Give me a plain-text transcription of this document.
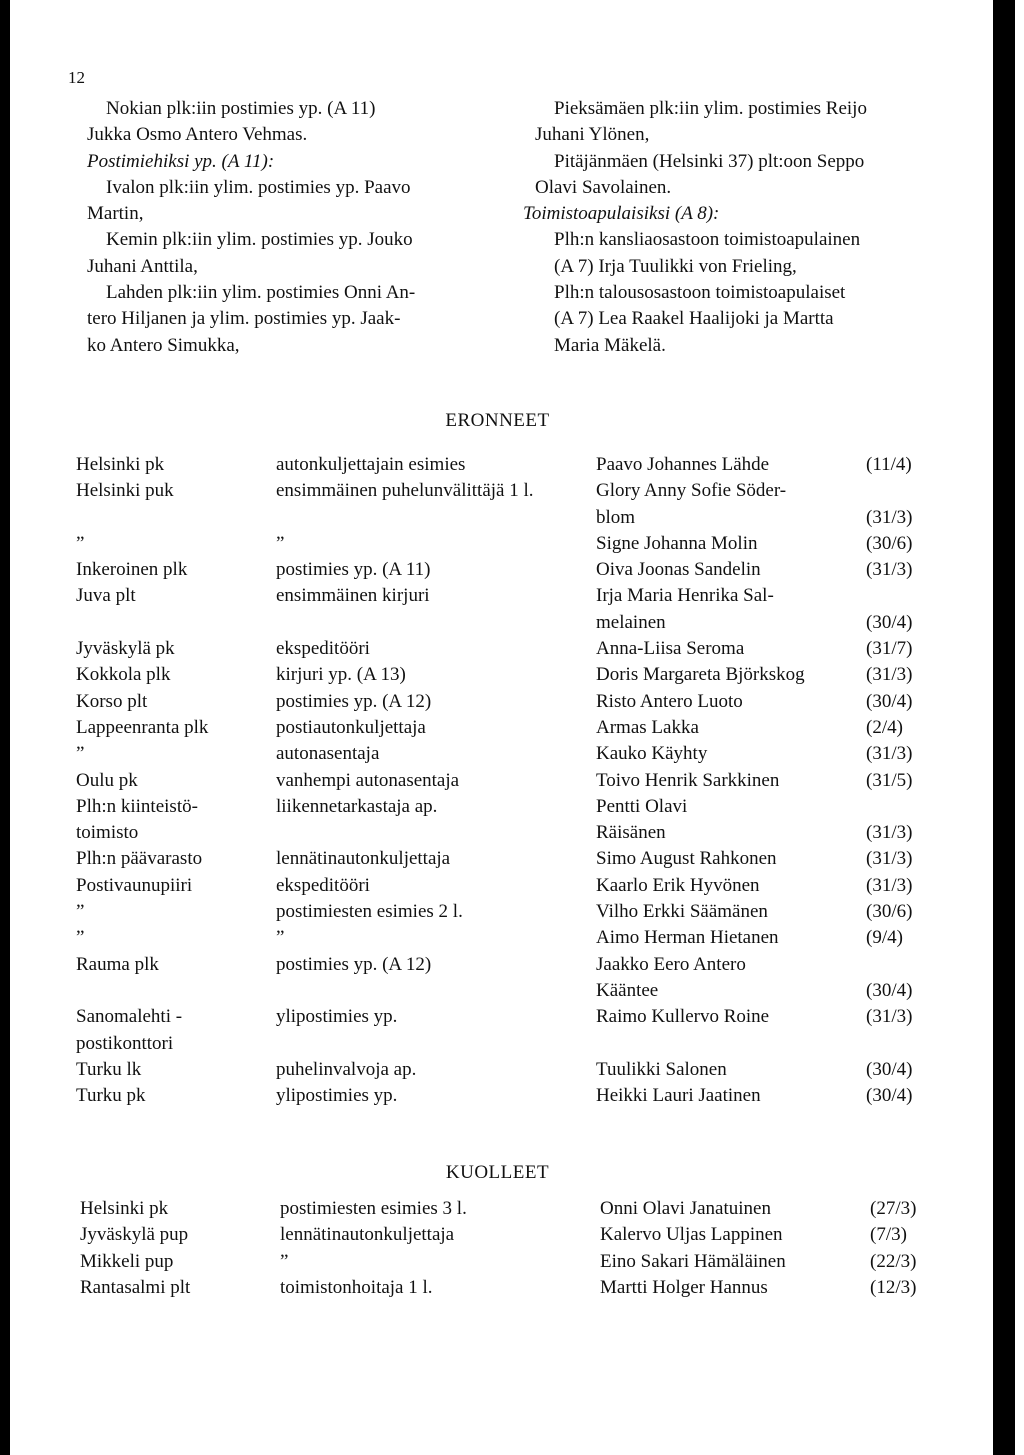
12
Nokian plk:iin postimies yp. (A 11)
Jukka Osmo Antero Vehmas.
Postimiehiksi yp. (A 11):
Ivalon plk:iin ylim. postimies yp. Paavo
Martin,
Kemin plk:iin ylim. postimies yp. Jouko
Juhani Anttila,
Lahden plk:iin ylim. postimies Onni An-
tero Hiljanen ja ylim. postimies yp. Jaak-
ko Antero Simukka,
Pieksämäen plk:iin ylim. postimies Reijo
Juhani Ylönen,
Pitäjänmäen (Helsinki 37) plt:oon Seppo
Olavi Savolainen.
Toimistoapulaisiksi (A 8):
Plh:n kansliaosastoon toimistoapulainen
(A 7) Irja Tuulikki von Frieling,
Plh:n talousosastoon toimistoapulaiset
(A 7) Lea Raakel Haalijoki ja Martta
Maria Mäkelä.
ERONNEET
Helsinki pk	autonkuljettajain esimies	Paavo Johannes Lähde	(11/4)
Helsinki puk	ensimmäinen puhelunvälittäjä 1 l.	Glory Anny Sofie Söder-	
		blom	(31/3)
”	”	Signe Johanna Molin	(30/6)
Inkeroinen plk	postimies yp. (A 11)	Oiva Joonas Sandelin	(31/3)
Juva plt	ensimmäinen kirjuri	Irja Maria Henrika Sal-	
		melainen	(30/4)
Jyväskylä pk	ekspeditööri	Anna-Liisa Seroma	(31/7)
Kokkola plk	kirjuri yp. (A 13)	Doris Margareta Björkskog	(31/3)
Korso plt	postimies yp. (A 12)	Risto Antero Luoto	(30/4)
Lappeenranta plk	postiautonkuljettaja	Armas Lakka	(2/4)
”	autonasentaja	Kauko Käyhty	(31/3)
Oulu pk	vanhempi autonasentaja	Toivo Henrik Sarkkinen	(31/5)
Plh:n kiinteistö-	liikennetarkastaja ap.	Pentti Olavi	
toimisto		Räisänen	(31/3)
Plh:n päävarasto	lennätinautonkuljettaja	Simo August Rahkonen	(31/3)
Postivaunupiiri	ekspeditööri	Kaarlo Erik Hyvönen	(31/3)
”	postimiesten esimies 2 l.	Vilho Erkki Säämänen	(30/6)
”	”	Aimo Herman Hietanen	(9/4)
Rauma plk	postimies yp. (A 12)	Jaakko Eero Antero	
		Kääntee	(30/4)
Sanomalehti -	ylipostimies yp.	Raimo Kullervo Roine	(31/3)
postikonttori			
Turku lk	puhelinvalvoja ap.	Tuulikki Salonen	(30/4)
Turku pk	ylipostimies yp.	Heikki Lauri Jaatinen	(30/4)
KUOLLEET
Helsinki pk	postimiesten esimies 3 l.	Onni Olavi Janatuinen	(27/3)
Jyväskylä pup	lennätinautonkuljettaja	Kalervo Uljas Lappinen	(7/3)
Mikkeli pup	”	Eino Sakari Hämäläinen	(22/3)
Rantasalmi plt	toimistonhoitaja 1 l.	Martti Holger Hannus	(12/3)
